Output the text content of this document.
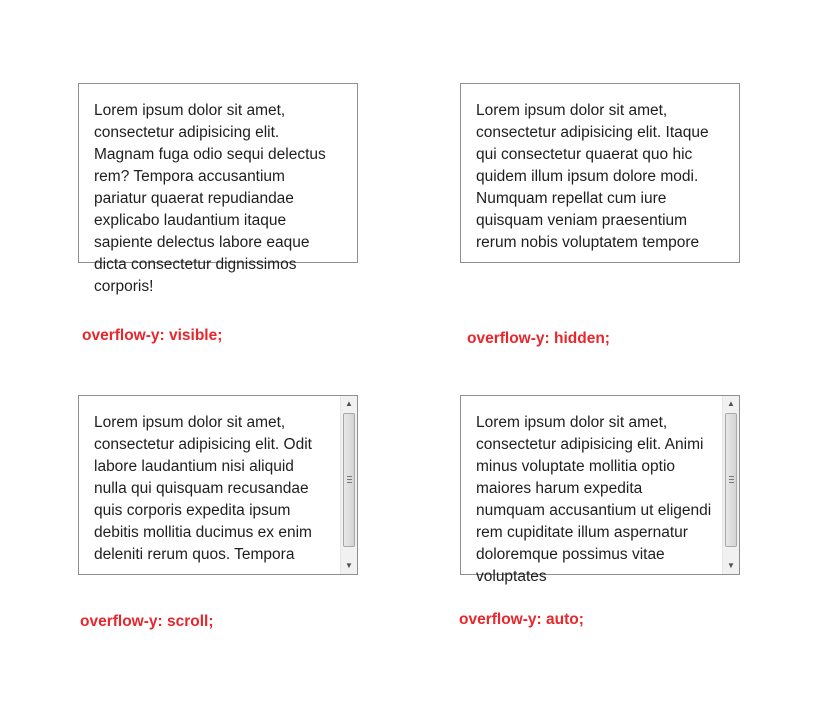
Lorem ipsum dolor sit amet, consectetur adipisicing elit. Magnam fuga odio sequi delectus rem? Tempora accusantium pariatur quaerat repudiandae explicabo laudantium itaque sapiente delectus labore eaque dicta consectetur dignissimos corporis!
overflow-y: visible;
Lorem ipsum dolor sit amet, consectetur adipisicing elit. Itaque qui consectetur quaerat quo hic quidem illum ipsum dolore modi. Numquam repellat cum iure quisquam veniam praesentium rerum nobis voluptatem tempore
overflow-y: hidden;
Lorem ipsum dolor sit amet, consectetur adipisicing elit. Odit labore laudantium nisi aliquid nulla qui quisquam recusandae quis corporis expedita ipsum debitis mollitia ducimus ex enim deleniti rerum quos. Tempora
▲
▼
overflow-y: scroll;
Lorem ipsum dolor sit amet, consectetur adipisicing elit. Animi minus voluptate mollitia optio maiores harum expedita numquam accusantium ut eligendi rem cupiditate illum aspernatur doloremque possimus vitae voluptates
▲
▼
overflow-y: auto;
